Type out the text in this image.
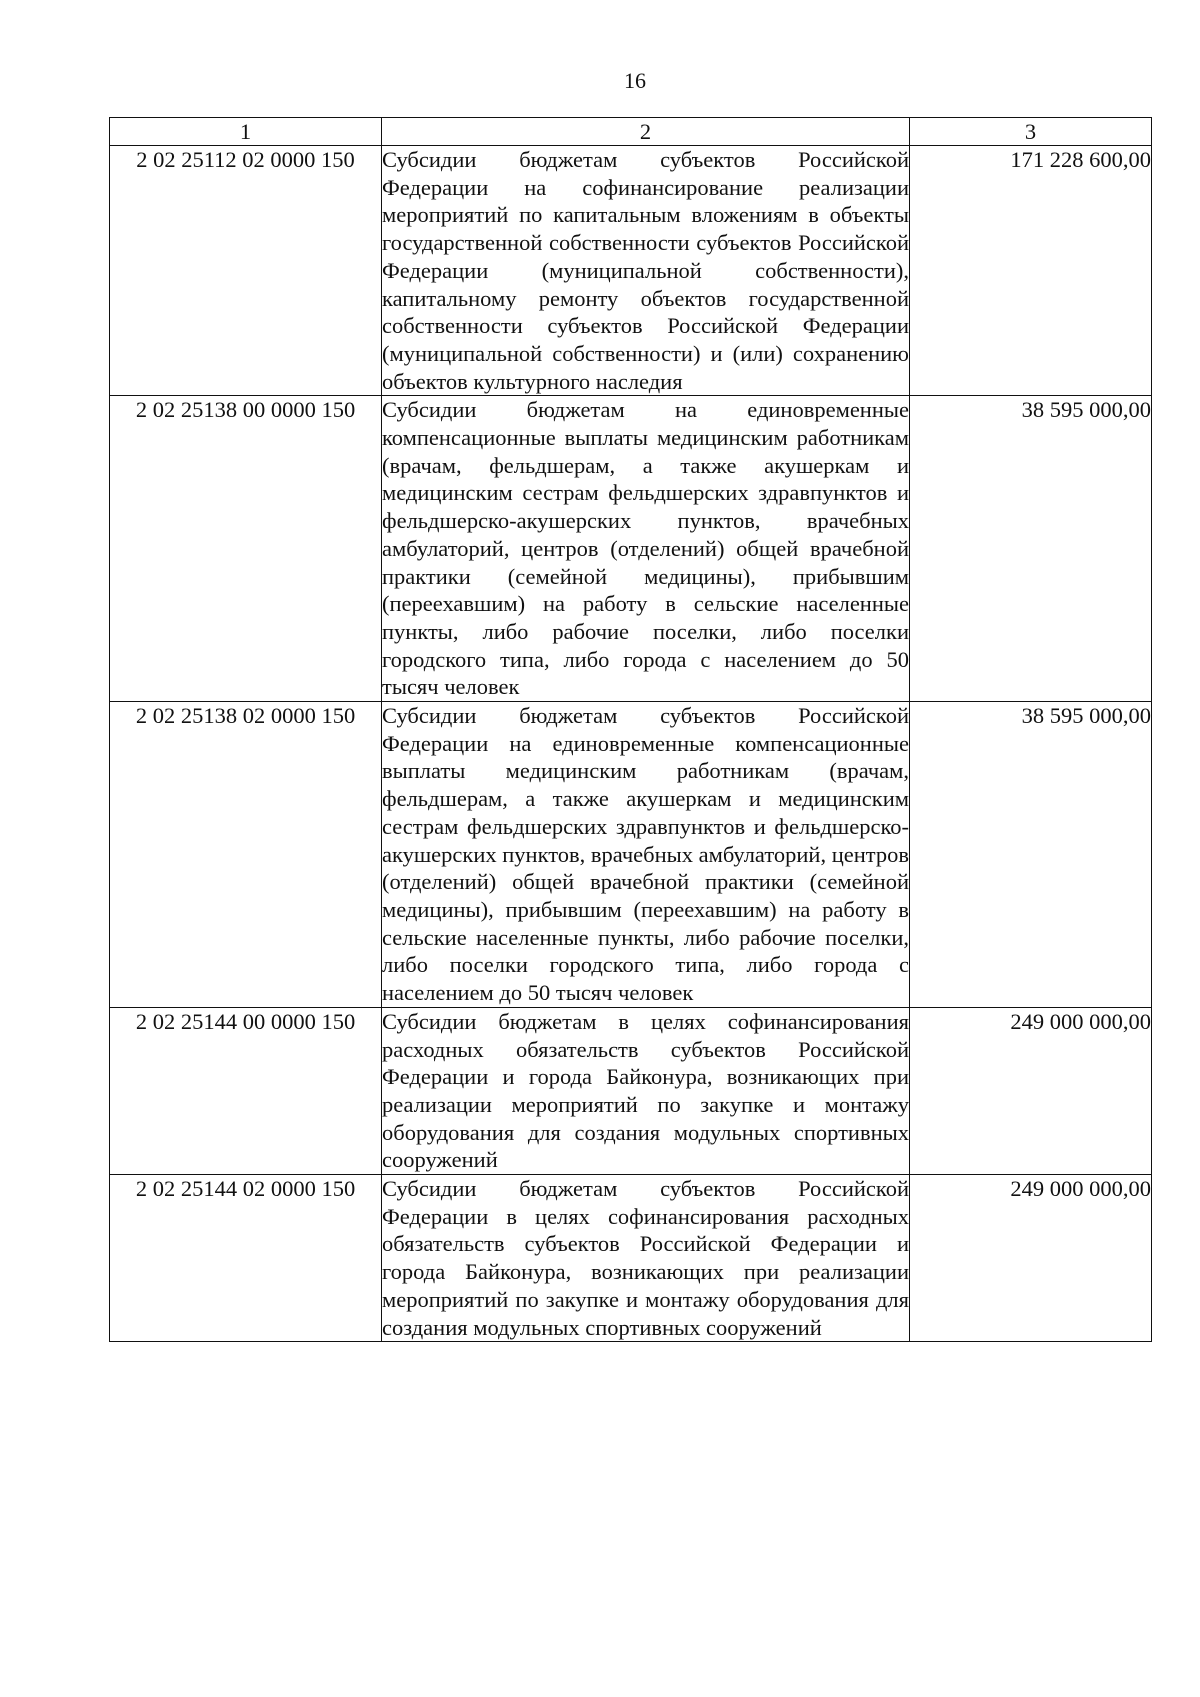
16
1	2	3
2 02 25112 02 0000 150	Субсидии бюджетам субъектов Российской Федерации на софинансирование реализации мероприятий по капитальным вложениям в объекты государственной собственности субъектов Российской Федерации (муниципальной собственности), капитальному ремонту объектов государственной собственности субъектов Российской Федерации (муниципальной собственности) и (или) сохранению объектов культурного наследия	171 228 600,00
2 02 25138 00 0000 150	Субсидии бюджетам на единовременные компенсационные выплаты медицинским работникам (врачам, фельдшерам, а также акушеркам и медицинским сестрам фельдшерских здравпунктов и фельдшерско-акушерских пунктов, врачебных амбулаторий, центров (отделений) общей врачебной практики (семейной медицины), прибывшим (переехавшим) на работу в сельские населенные пункты, либо рабочие поселки, либо поселки городского типа, либо города с населением до 50 тысяч человек	38 595 000,00
2 02 25138 02 0000 150	Субсидии бюджетам субъектов Российской Федерации на единовременные компенсационные выплаты медицинским работникам (врачам, фельдшерам, а также акушеркам и медицинским сестрам фельдшерских здравпунктов и фельдшерско-акушерских пунктов, врачебных амбулаторий, центров (отделений) общей врачебной практики (семейной медицины), прибывшим (переехавшим) на работу в сельские населенные пункты, либо рабочие поселки, либо поселки городского типа, либо города с населением до 50 тысяч человек	38 595 000,00
2 02 25144 00 0000 150	Субсидии бюджетам в целях софинансирования расходных обязательств субъектов Российской Федерации и города Байконура, возникающих при реализации мероприятий по закупке и монтажу оборудования для создания модульных спортивных сооружений	249 000 000,00
2 02 25144 02 0000 150	Субсидии бюджетам субъектов Российской Федерации в целях софинансирования расходных обязательств субъектов Российской Федерации и города Байконура, возникающих при реализации мероприятий по закупке и монтажу оборудования для создания модульных спортивных сооружений	249 000 000,00
